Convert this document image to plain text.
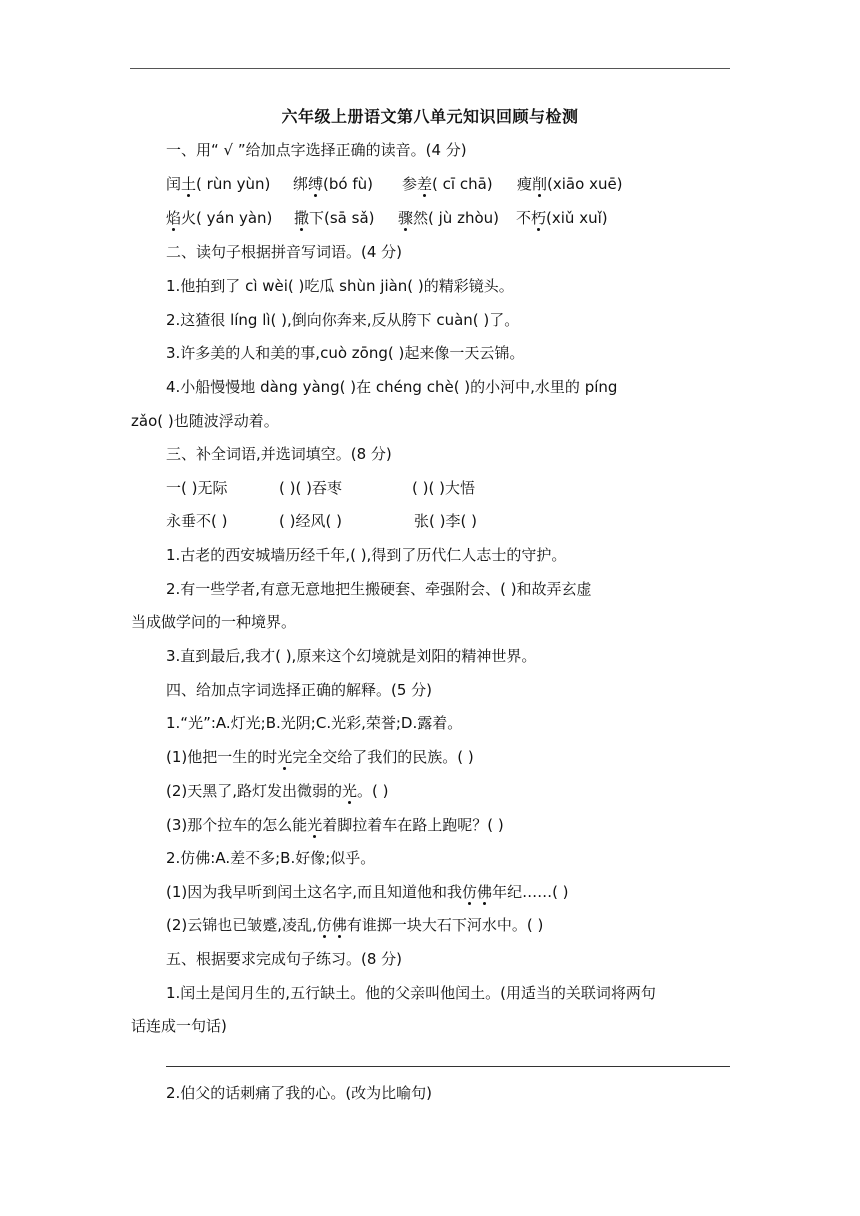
六年级上册语文第八单元知识回顾与检测
一、用“ √ ”给加点字选择正确的读音。(4 分)
闰土( rùn yùn) 绑缚(bó fù) 参差( cī chā) 瘦削(xiāo xuē)
焰火( yán yàn) 撒下(sā sǎ) 骤然( jù zhòu) 不朽(xiǔ xuǐ)
二、读句子根据拼音写词语。(4 分)
1.他拍到了 cì wèi( )吃瓜 shùn jiàn( )的精彩镜头。
2.这猹很 líng lì( ),倒向你奔来,反从胯下 cuàn( )了。
3.许多美的人和美的事,cuò zōng( )起来像一天云锦。
4.小船慢慢地 dàng yàng( )在 chéng chè( )的小河中,水里的 píng
zǎo( )也随波浮动着。
三、补全词语,并选词填空。(8 分)
一( )无际	( )( )吞枣	( )( )大悟
永垂不( )	( )经风( )	张( )李( )
1.古老的西安城墙历经千年,( ),得到了历代仁人志士的守护。
2.有一些学者,有意无意地把生搬硬套、牵强附会、( )和故弄玄虚
当成做学问的一种境界。
3.直到最后,我才( ),原来这个幻境就是刘阳的精神世界。
四、给加点字词选择正确的解释。(5 分)
1.“光”:A.灯光;B.光阴;C.光彩,荣誉;D.露着。
(1)他把一生的时光完全交给了我们的民族。( )
(2)天黑了,路灯发出微弱的光。( )
(3)那个拉车的怎么能光着脚拉着车在路上跑呢？( )
2.仿佛:A.差不多;B.好像;似乎。
(1)因为我早听到闰土这名字,而且知道他和我仿佛年纪……( )
(2)云锦也已皱蹙,凌乱,仿佛有谁掷一块大石下河水中。( )
五、根据要求完成句子练习。(8 分)
1.闰土是闰月生的,五行缺土。他的父亲叫他闰土。(用适当的关联词将两句
话连成一句话)
2.伯父的话刺痛了我的心。(改为比喻句)
